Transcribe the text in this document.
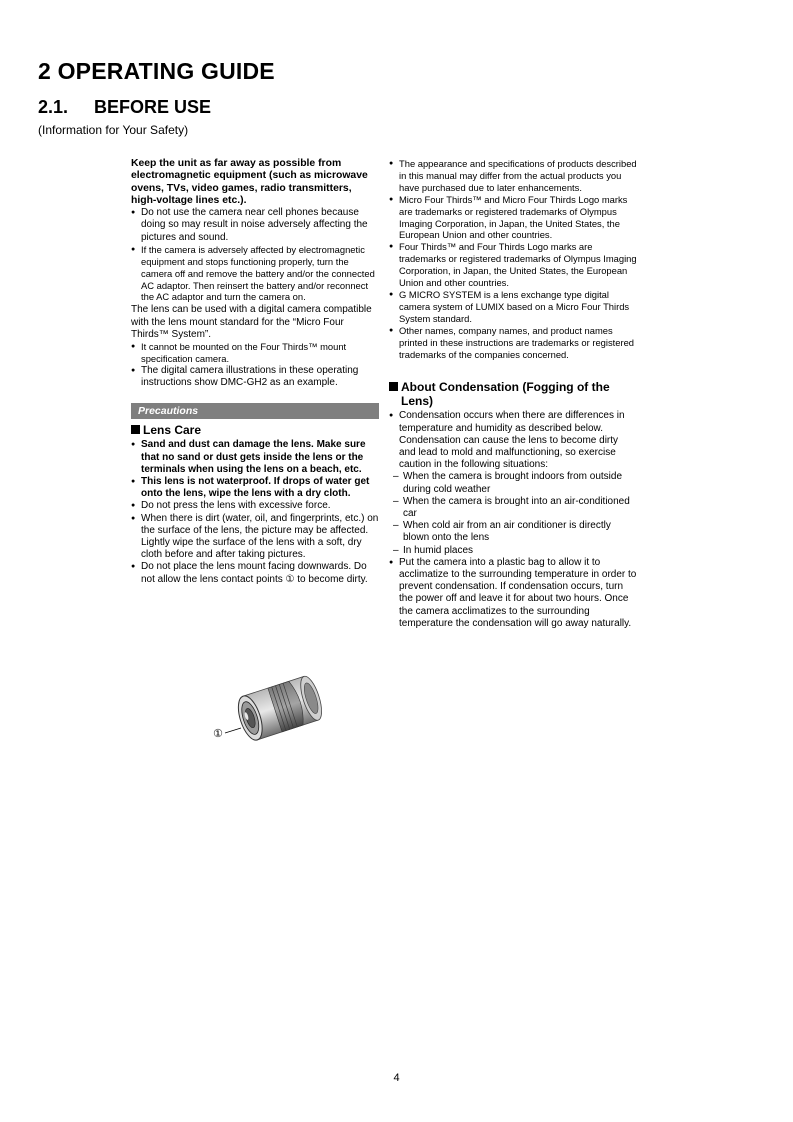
2 OPERATING GUIDE
2.1. BEFORE USE
(Information for Your Safety)

Keep the unit as far away as possible from electromagnetic equipment (such as microwave ovens, TVs, video games, radio transmitters, high-voltage lines etc.).

● Do not use the camera near cell phones because doing so may result in noise adversely affecting the pictures and sound.
● If the camera is adversely affected by electromagnetic equipment and stops functioning properly, turn the camera off and remove the battery and/or the connected AC adaptor. Then reinsert the battery and/or reconnect the AC adaptor and turn the camera on.

The lens can be used with a digital camera compatible with the lens mount standard for the “Micro Four Thirds™ System”.

● It cannot be mounted on the Four Thirds™ mount specification camera.
● The digital camera illustrations in these operating instructions show DMC-GH2 as an example.
Precautions
Lens Care
● Sand and dust can damage the lens. Make sure that no sand or dust gets inside the lens or the terminals when using the lens on a beach, etc.
● This lens is not waterproof. If drops of water get onto the lens, wipe the lens with a dry cloth.
● Do not press the lens with excessive force.
● When there is dirt (water, oil, and fingerprints, etc.) on the surface of the lens, the picture may be affected. Lightly wipe the surface of the lens with a soft, dry cloth before and after taking pictures.
● Do not place the lens mount facing downwards. Do not allow the lens contact points ① to become dirty.
①
● The appearance and specifications of products described in this manual may differ from the actual products you have purchased due to later enhancements.
● Micro Four Thirds™ and Micro Four Thirds Logo marks are trademarks or registered trademarks of Olympus Imaging Corporation, in Japan, the United States, the European Union and other countries.
● Four Thirds™ and Four Thirds Logo marks are trademarks or registered trademarks of Olympus Imaging Corporation, in Japan, the United States, the European Union and other countries.
● G MICRO SYSTEM is a lens exchange type digital camera system of LUMIX based on a Micro Four Thirds System standard.
● Other names, company names, and product names printed in these instructions are trademarks or registered trademarks of the companies concerned.
About Condensation (Fogging of the Lens)
● Condensation occurs when there are differences in temperature and humidity as described below. Condensation can cause the lens to become dirty and lead to mold and malfunctioning, so exercise caution in the following situations:
– When the camera is brought indoors from outside during cold weather
– When the camera is brought into an air-conditioned car
– When cold air from an air conditioner is directly blown onto the lens
– In humid places
● Put the camera into a plastic bag to allow it to acclimatize to the surrounding temperature in order to prevent condensation. If condensation occurs, turn the power off and leave it for about two hours. Once the camera acclimatizes to the surrounding temperature the condensation will go away naturally.
4
